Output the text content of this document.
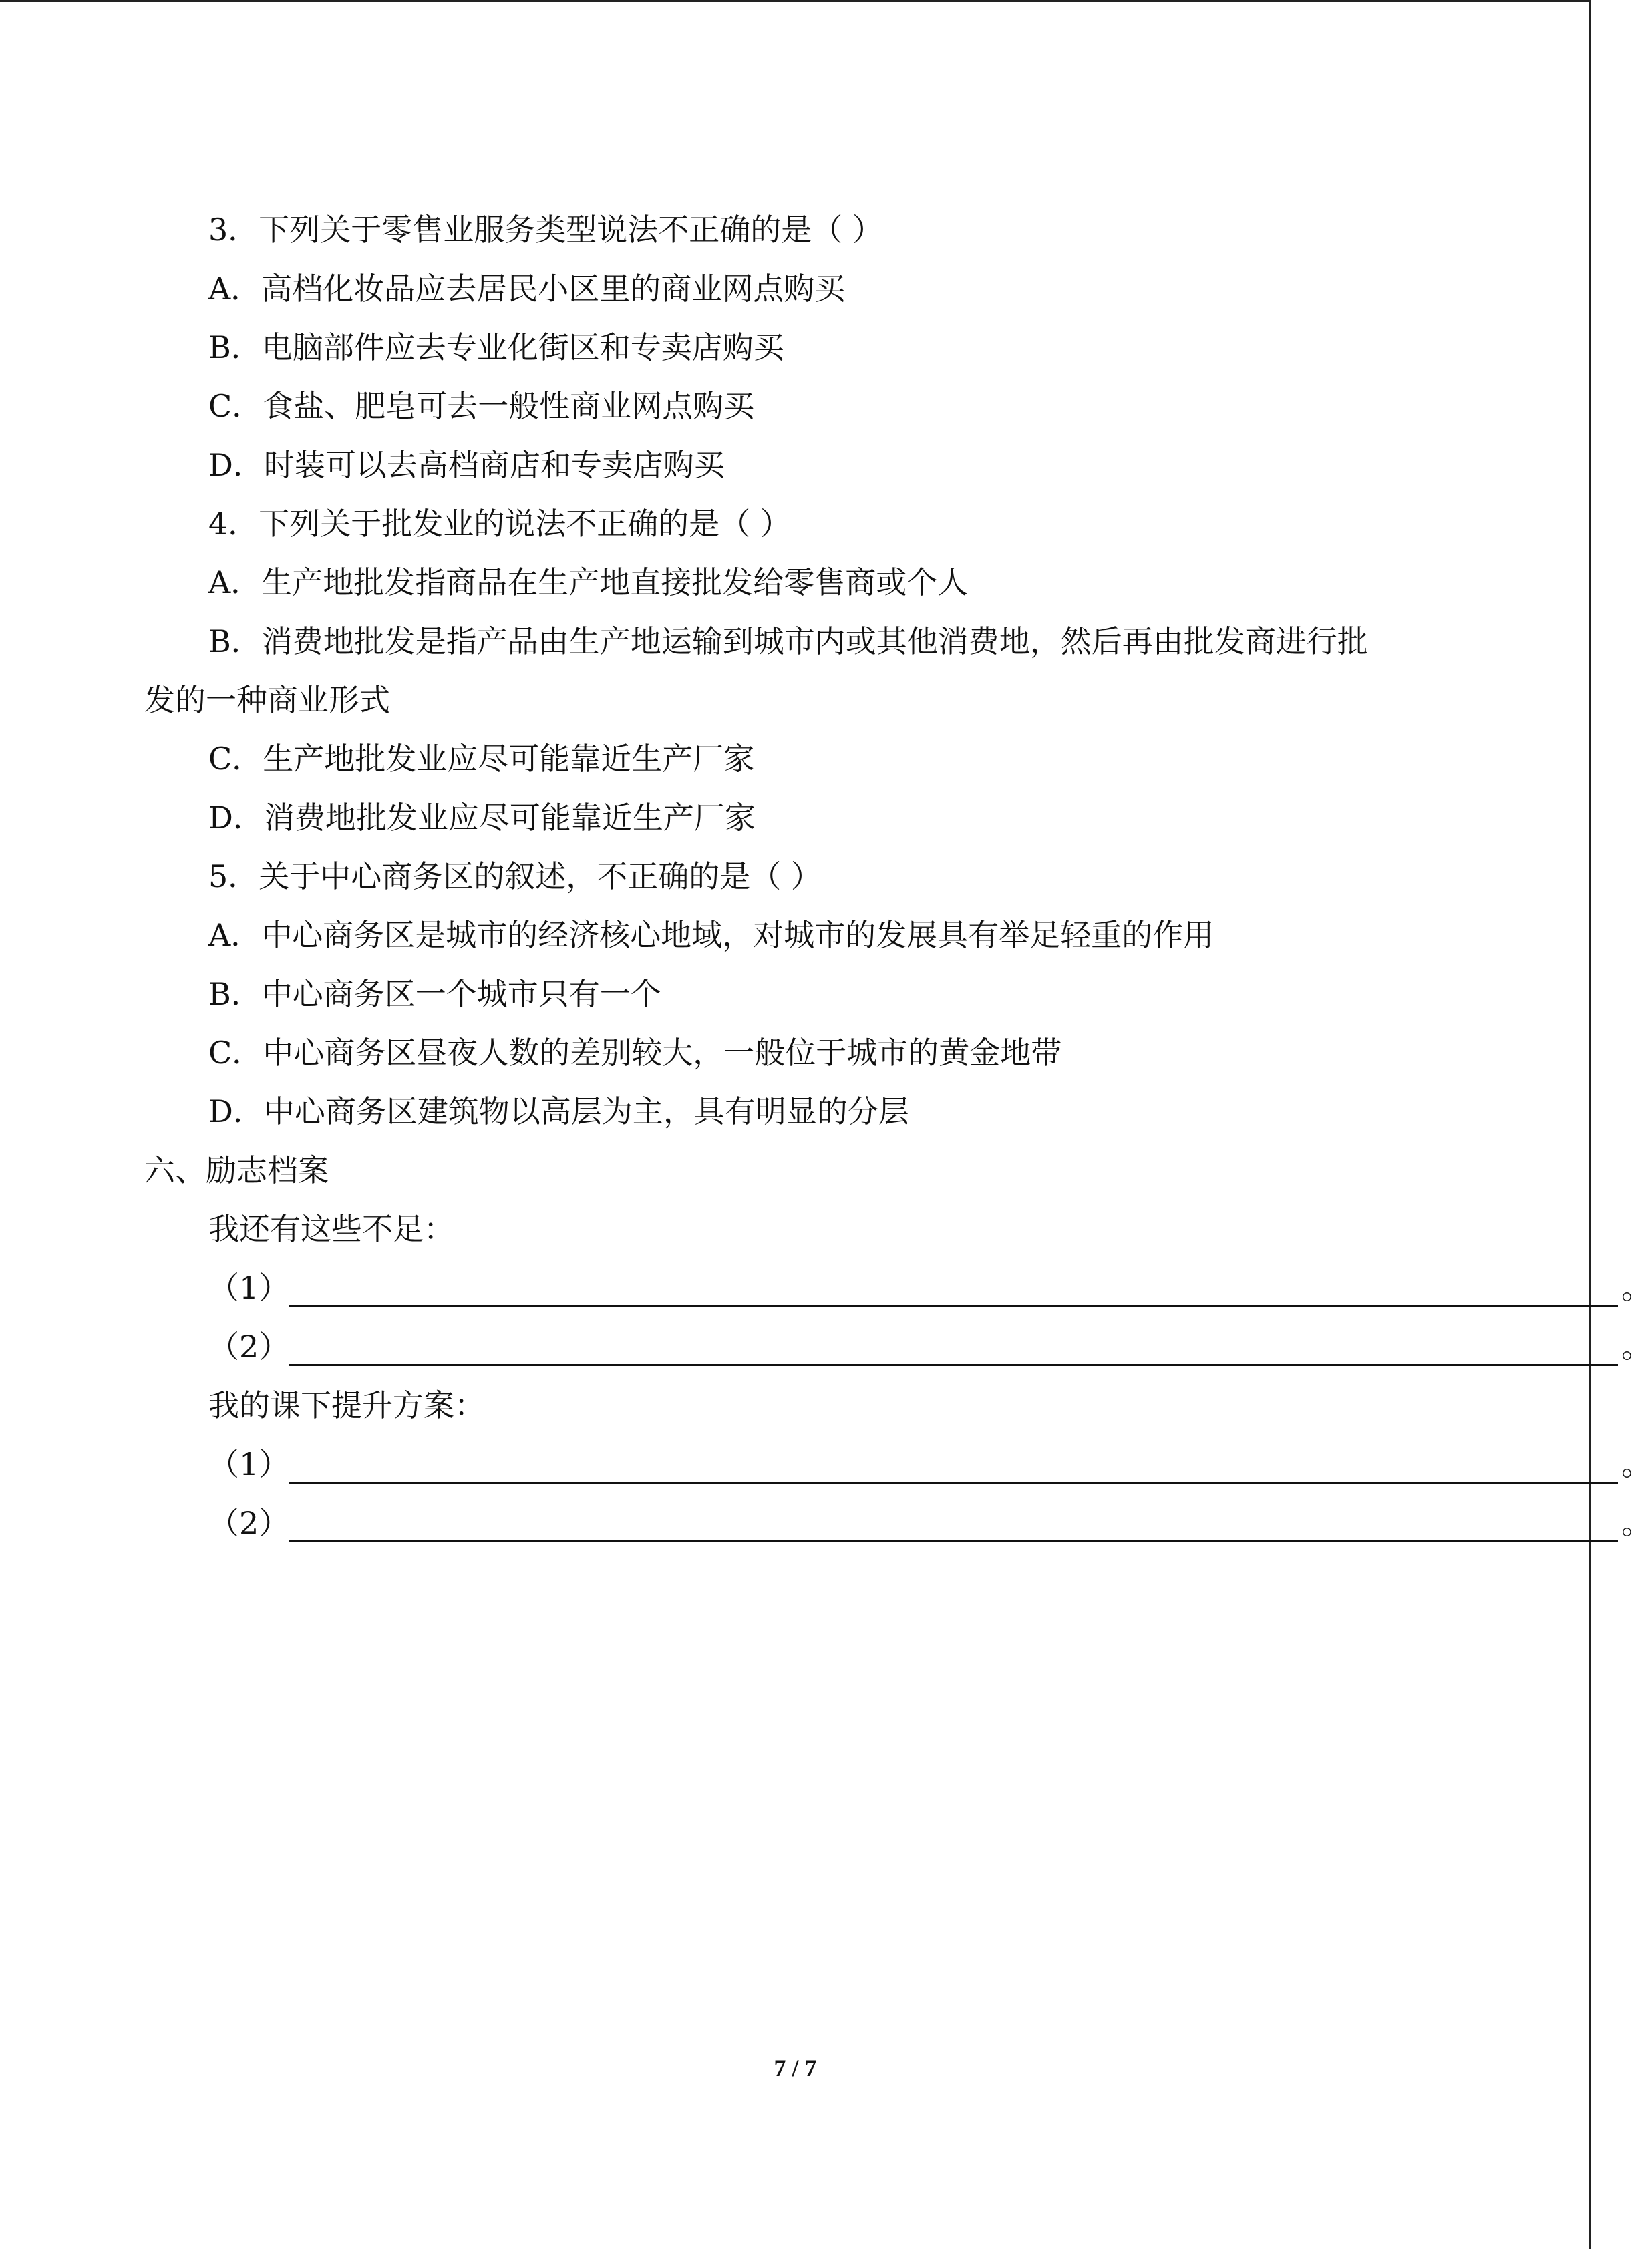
3．下列关于零售业服务类型说法不正确的是（ ）
A．高档化妆品应去居民小区里的商业网点购买
B．电脑部件应去专业化街区和专卖店购买
C．食盐、肥皂可去一般性商业网点购买
D．时装可以去高档商店和专卖店购买
4．下列关于批发业的说法不正确的是（ ）
A．生产地批发指商品在生产地直接批发给零售商或个人
B．消费地批发是指产品由生产地运输到城市内或其他消费地，然后再由批发商进行批
发的一种商业形式
C．生产地批发业应尽可能靠近生产厂家
D．消费地批发业应尽可能靠近生产厂家
5．关于中心商务区的叙述，不正确的是（ ）
A．中心商务区是城市的经济核心地域，对城市的发展具有举足轻重的作用
B．中心商务区一个城市只有一个
C．中心商务区昼夜人数的差别较大，一般位于城市的黄金地带
D．中心商务区建筑物以高层为主，具有明显的分层
六、励志档案
我还有这些不足：
（1）	。
（2）	。
我的课下提升方案：
（1）	。
（2）	。
7 / 7
